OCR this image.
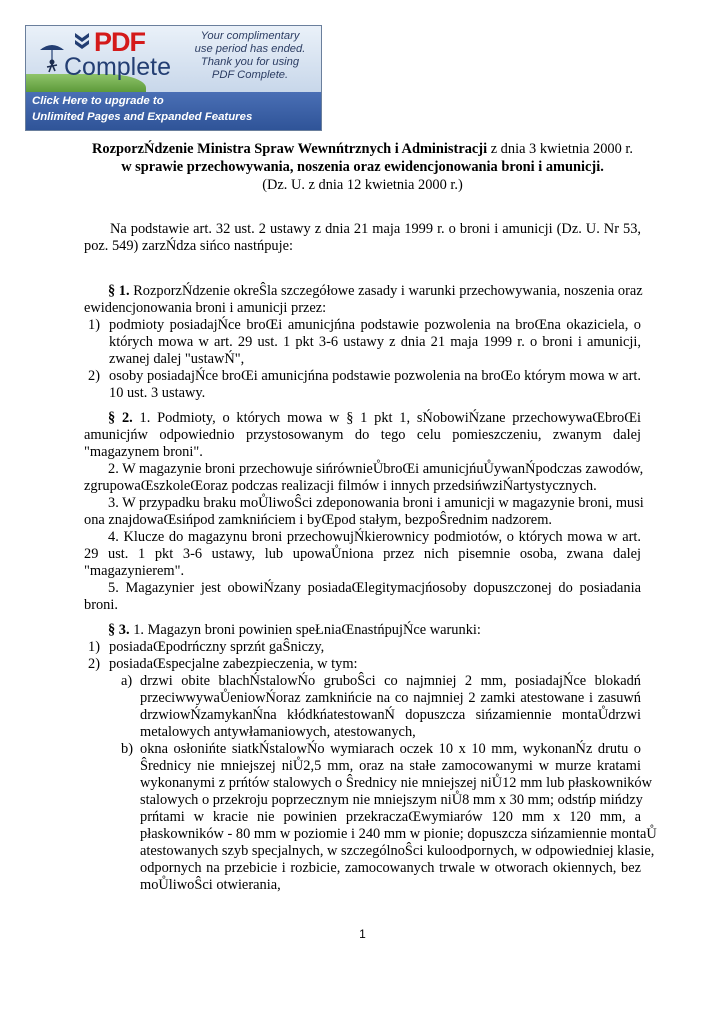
PDF
Complete
Your complimentary
use period has ended.
Thank you for using
PDF Complete.
Click Here to upgrade to
Unlimited Pages and Expanded Features
RozporzŃdzenie Ministra Spraw Wewnńtrznych i Administracji z dnia 3 kwietnia 2000 r.
w sprawie przechowywania, noszenia oraz ewidencjonowania broni i amunicji.
(Dz. U. z dnia 12 kwietnia 2000 r.)
Na podstawie art. 32 ust. 2 ustawy z dnia 21 maja 1999 r. o broni i amunicji (Dz. U. Nr 53,
poz. 549) zarzŃdza sińco nastńpuje:
§ 1. RozporzŃdzenie okreŜla szczegółowe zasady i warunki przechowywania, noszenia oraz
ewidencjonowania broni i amunicji przez:
1) podmioty posiadajŃce broŒi amunicjńna podstawie pozwolenia na broŒna okaziciela, o
których mowa w art. 29 ust. 1 pkt 3-6 ustawy z dnia 21 maja 1999 r. o broni i amunicji,
zwanej dalej "ustawŃ",
2) osoby posiadajŃce broŒi amunicjńna podstawie pozwolenia na broŒo którym mowa w art.
10 ust. 3 ustawy.
§ 2. 1. Podmioty, o których mowa w § 1 pkt 1, sŃobowiŃzane przechowywaŒbroŒi
amunicjńw odpowiednio przystosowanym do tego celu pomieszczeniu, zwanym dalej
"magazynem broni".
2. W magazynie broni przechowuje sińrównieŮbroŒi amunicjńuŮywanŃpodczas zawodów,
zgrupowaŒszkoleŒoraz podczas realizacji filmów i innych przedsińwziŃartystycznych.
3. W przypadku braku moŮliwoŜci zdeponowania broni i amunicji w magazynie broni, musi
ona znajdowaŒsińpod zamknińciem i byŒpod stałym, bezpoŜrednim nadzorem.
4. Klucze do magazynu broni przechowujŃkierownicy podmiotów, o których mowa w art.
29 ust. 1 pkt 3-6 ustawy, lub upowaŮniona przez nich pisemnie osoba, zwana dalej
"magazynierem".
5. Magazynier jest obowiŃzany posiadaŒlegitymacjńosoby dopuszczonej do posiadania
broni.
§ 3. 1. Magazyn broni powinien speŁniaŒnastńpujŃce warunki:
1) posiadaŒpodrńczny sprzńt gaŜniczy,
2) posiadaŒspecjalne zabezpieczenia, w tym:
a) drzwi obite blachŃstalowŃo gruboŜci co najmniej 2 mm, posiadajŃce blokadń
przeciwwywaŮeniowŃoraz zamknińcie na co najmniej 2 zamki atestowane i zasuwń
drzwiowŃzamykanŃna kłódkńatestowanŃ dopuszcza sińzamiennie montaŮdrzwi
metalowych antywłamaniowych, atestowanych,
b) okna osłonińte siatkŃstalowŃo wymiarach oczek 10 x 10 mm, wykonanŃz drutu o
Ŝrednicy nie mniejszej niŮ2,5 mm, oraz na stałe zamocowanymi w murze kratami
wykonanymi z prńtów stalowych o Ŝrednicy nie mniejszej niŮ12 mm lub płaskowników
stalowych o przekroju poprzecznym nie mniejszym niŮ8 mm x 30 mm; odstńp mińdzy
prńtami w kracie nie powinien przekraczaŒwymiarów 120 mm x 120 mm, a
płaskowników - 80 mm w poziomie i 240 mm w pionie; dopuszcza sińzamiennie montaŮ
atestowanych szyb specjalnych, w szczególnoŜci kuloodpornych, w odpowiedniej klasie,
odpornych na przebicie i rozbicie, zamocowanych trwale w otworach okiennych, bez
moŮliwoŜci otwierania,
1
